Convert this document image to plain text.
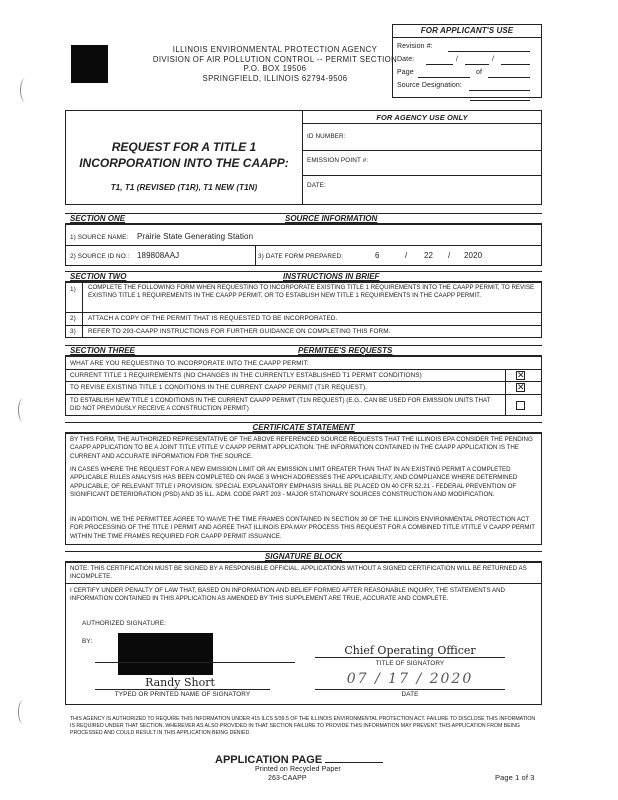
ILLINOIS ENVIRONMENTAL PROTECTION AGENCY
DIVISION OF AIR POLLUTION CONTROL -- PERMIT SECTION
P.O. BOX 19506
SPRINGFIELD, ILLINOIS 62794-9506
FOR APPLICANT'S USE
Revision #:
Date:	/	/
Page	of
Source Designation:
REQUEST FOR A TITLE 1
INCORPORATION INTO THE CAAPP:
T1, T1 (REVISED (T1R), T1 NEW (T1N)
FOR AGENCY USE ONLY
ID NUMBER:
EMISSION POINT #:
DATE:
SECTION ONE	SOURCE INFORMATION
1) SOURCE NAME: Prairie State Generating Station
2) SOURCE ID NO.: 189808AAJ	3) DATE FORM PREPARED:	6	/ 22 / 2020
SECTION TWO	INSTRUCTIONS IN BRIEF
1) COMPLETE THE FOLLOWING FORM WHEN REQUESTING TO INCORPORATE EXISTING TITLE 1 REQUIREMENTS INTO THE CAAPP PERMIT, TO REVISE EXISTING TITLE 1 REQUIREMENTS IN THE CAAPP PERMIT, OR TO ESTABLISH NEW TITLE 1 REQUIREMENTS IN THE CAAPP PERMIT.
2) ATTACH A COPY OF THE PERMIT THAT IS REQUESTED TO BE INCORPORATED.
3) REFER TO 293-CAAPP INSTRUCTIONS FOR FURTHER GUIDANCE ON COMPLETING THIS FORM.
SECTION THREE	PERMITEE'S REQUESTS
WHAT ARE YOU REQUESTING TO INCORPORATE INTO THE CAAPP PERMIT:
CURRENT TITLE 1 REQUIREMENTS (NO CHANGES IN THE CURRENTLY ESTABLISHED T1 PERMIT CONDITIONS)	✕
TO REVISE EXISTING TITLE 1 CONDITIONS IN THE CURRENT CAAPP PERMIT (T1R REQUEST).	✕
TO ESTABLISH NEW TITLE 1 CONDITIONS IN THE CURRENT CAAPP PERMIT (T1N REQUEST) (E.G., CAN BE USED FOR EMISSION UNITS THAT DID NOT PREVIOUSLY RECEIVE A CONSTRUCTION PERMIT)
CERTIFICATE STATEMENT
BY THIS FORM, THE AUTHORIZED REPRESENTATIVE OF THE ABOVE REFERENCED SOURCE REQUESTS THAT THE ILLINOIS EPA CONSIDER THE PENDING CAAPP APPLICATION TO BE A JOINT TITLE I/TITLE V CAAPP PERMIT APPLICATION. THE INFORMATION CONTAINED IN THE CAAPP APPLICATION IS THE CURRENT AND ACCURATE INFORMATION FOR THE SOURCE.
IN CASES WHERE THE REQUEST FOR A NEW EMISSION LIMIT OR AN EMISSION LIMIT GREATER THAN THAT IN AN EXISTING PERMIT A COMPLETED APPLICABLE RULES ANALYSIS HAS BEEN COMPLETED ON PAGE 3 WHICH ADDRESSES THE APPLICABILITY, AND COMPLIANCE WHERE DETERMINED APPLICABLE, OF RELEVANT TITLE I PROVISION. SPECIAL EXPLANATORY EMPHASIS SHALL BE PLACED ON 40 CFR 52.21 - FEDERAL PREVENTION OF SIGNIFICANT DETERIORATION (PSD) AND 35 ILL. ADM. CODE PART 203 - MAJOR STATIONARY SOURCES CONSTRUCTION AND MODIFICATION.
IN ADDITION, WE THE PERMITTEE AGREE TO WAIVE THE TIME FRAMES CONTAINED IN SECTION 39 OF THE ILLINOIS ENVIRONMENTAL PROTECTION ACT FOR PROCESSING OF THE TITLE I PERMIT AND AGREE THAT ILLINOIS EPA MAY PROCESS THIS REQUEST FOR A COMBINED TITLE I/TITLE V CAAPP PERMIT WITHIN THE TIME FRAMES REQUIRED FOR CAAPP PERMIT ISSUANCE.
SIGNATURE BLOCK
NOTE: THIS CERTIFICATION MUST BE SIGNED BY A RESPONSIBLE OFFICIAL. APPLICATIONS WITHOUT A SIGNED CERTIFICATION WILL BE RETURNED AS INCOMPLETE.
I CERTIFY UNDER PENALTY OF LAW THAT, BASED ON INFORMATION AND BELIEF FORMED AFTER REASONABLE INQUIRY, THE STATEMENTS AND INFORMATION CONTAINED IN THIS APPLICATION AS AMENDED BY THIS SUPPLEMENT ARE TRUE, ACCURATE AND COMPLETE.
AUTHORIZED SIGNATURE:
BY:
Chief Operating Officer
TITLE OF SIGNATORY
Randy Short
TYPED OR PRINTED NAME OF SIGNATORY
07 / 17 / 2020
DATE
THIS AGENCY IS AUTHORIZED TO REQUIRE THIS INFORMATION UNDER 415 ILCS 5/39.5 OF THE ILLINOIS ENVIRONMENTAL PROTECTION ACT. FAILURE TO DISCLOSE THIS INFORMATION IS REQUIRED UNDER THAT SECTION. WHEREVER AS ALSO PROVIDED IN THAT SECTION FAILURE TO PROVIDE THIS INFORMATION MAY PREVENT THIS APPLICATION FROM BEING PROCESSED AND COULD RESULT IN THIS APPLICATION BEING DENIED.
APPLICATION PAGE
Printed on Recycled Paper
263-CAAPP	Page 1 of 3
